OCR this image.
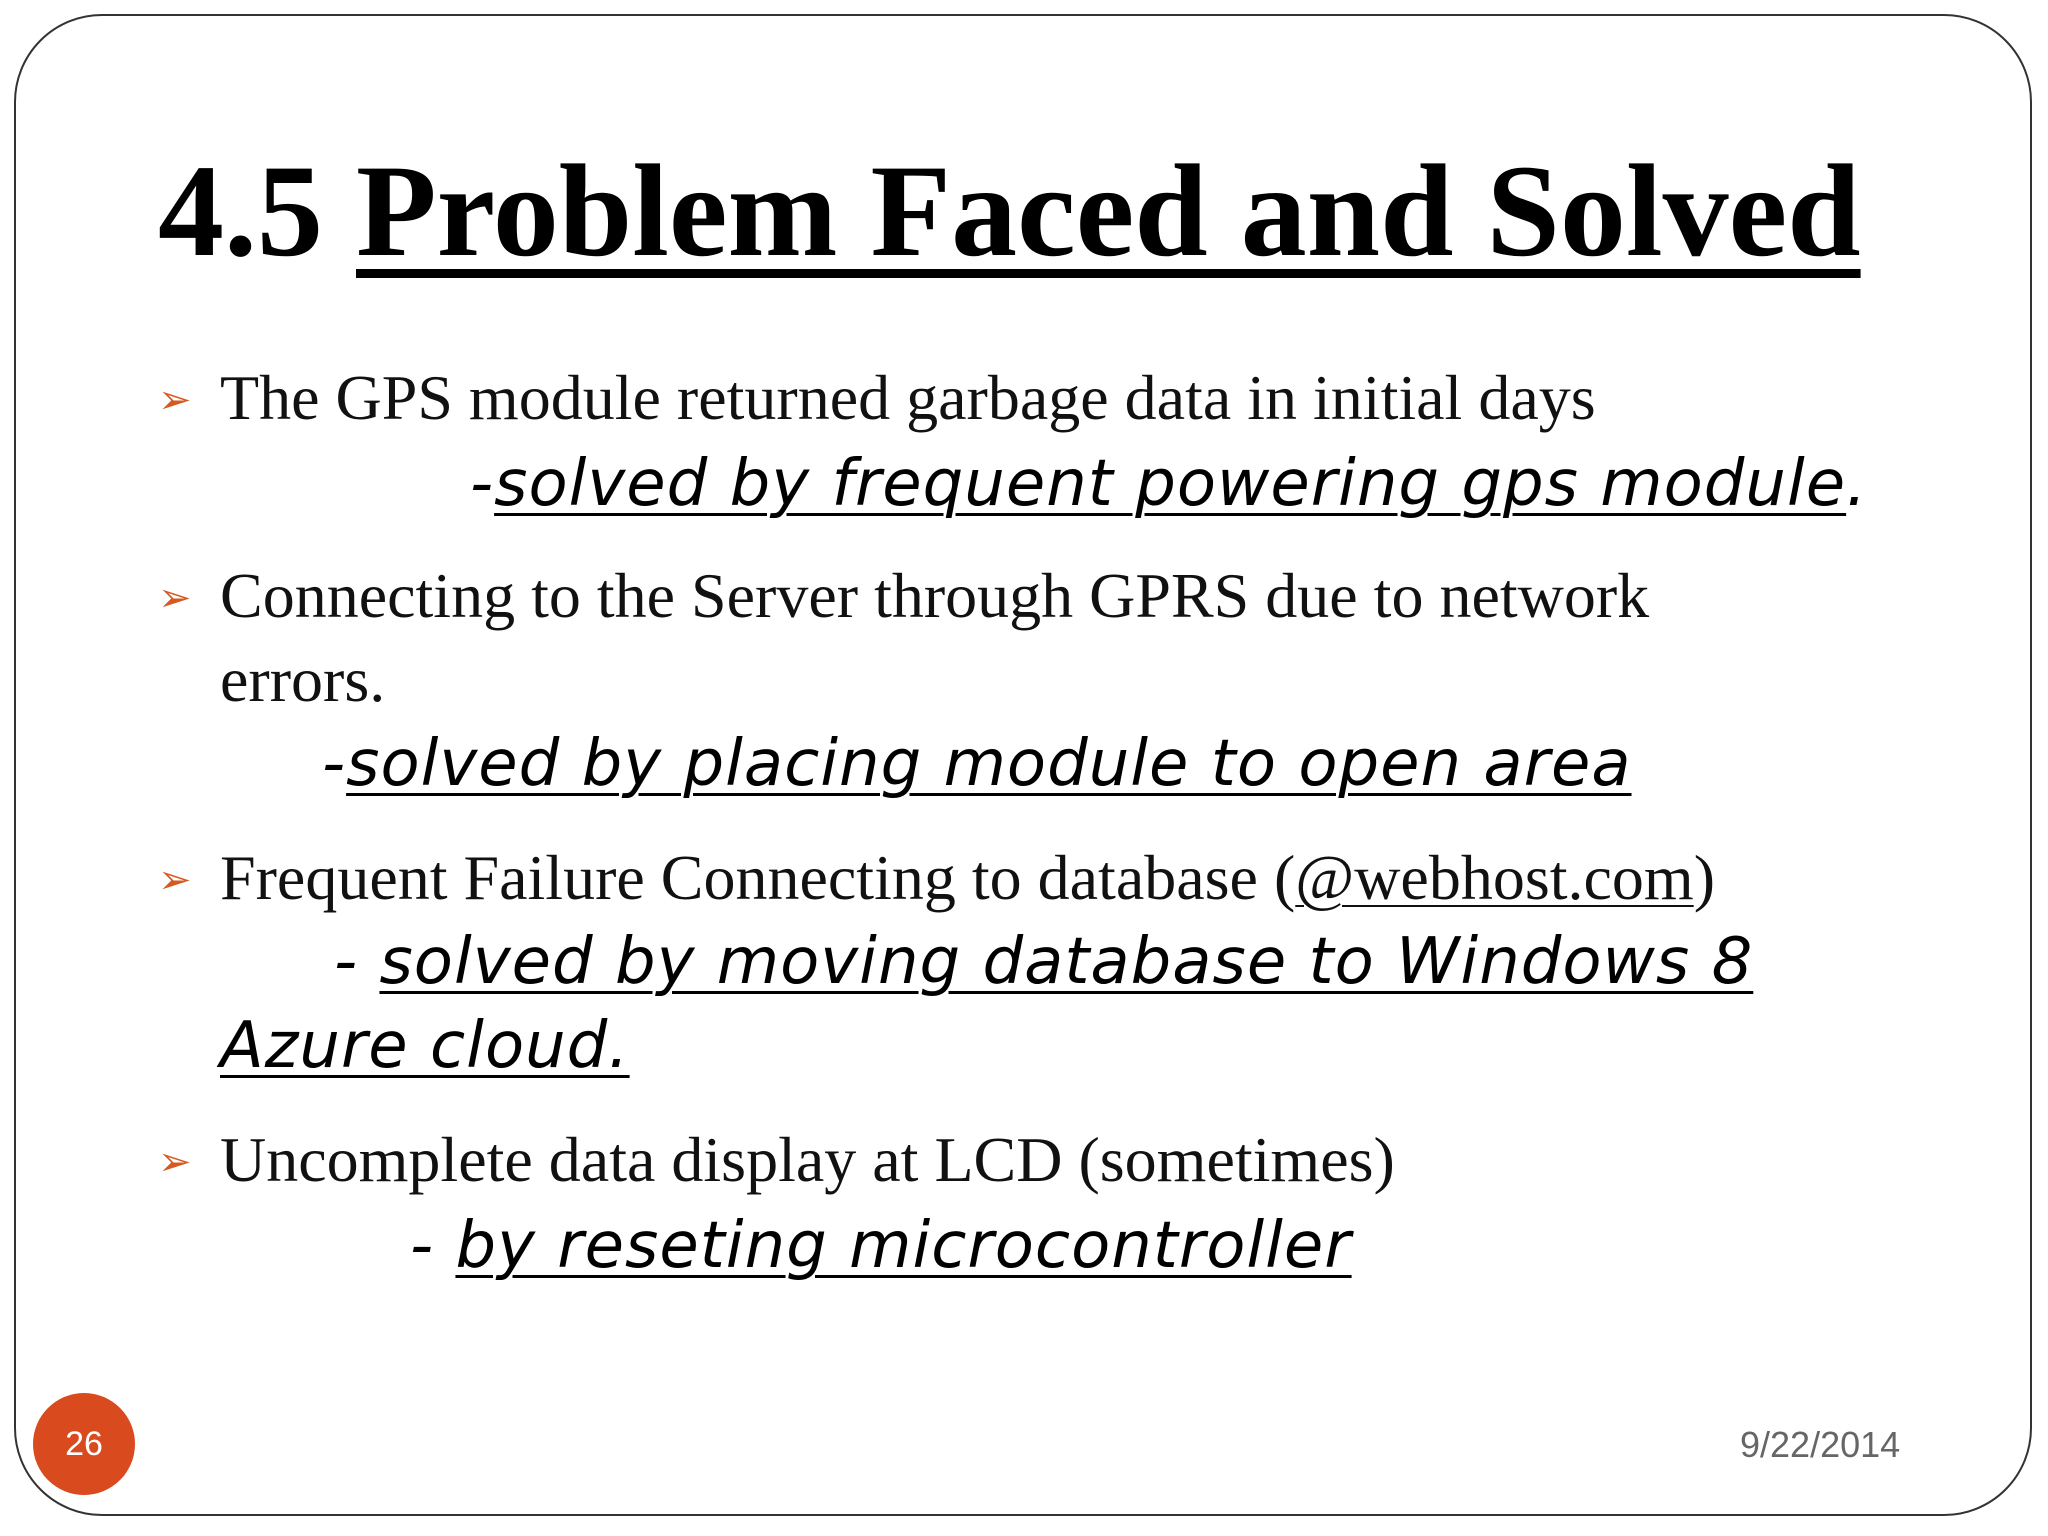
4.5 Problem Faced and Solved
➢ The GPS module returned garbage data in initial days
-solved by frequent powering gps module.
➢ Connecting to the Server through GPRS due to network
errors.
-solved by placing module to open area
➢ Frequent Failure Connecting to database (@webhost.com)
- solved by moving database to Windows 8
Azure cloud.
➢ Uncomplete data display at LCD (sometimes)
- by reseting microcontroller
26	9/22/2014
